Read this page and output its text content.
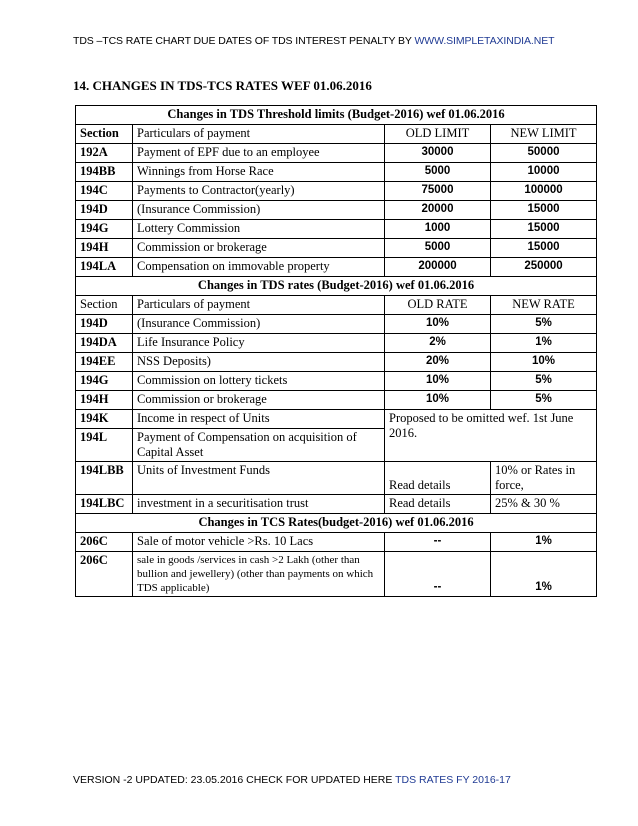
TDS –TCS RATE CHART DUE DATES OF TDS INTEREST PENALTY BY WWW.SIMPLETAXINDIA.NET
14. CHANGES IN TDS-TCS RATES WEF 01.06.2016
Changes in TDS Threshold limits (Budget-2016) wef 01.06.2016			
Section	Particulars of payment	OLD LIMIT	NEW LIMIT
192A	Payment of EPF due to an employee	30000	50000
194BB	Winnings from Horse Race	5000	10000
194C	Payments to Contractor(yearly)	75000	100000
194D	(Insurance Commission)	20000	15000
194G	Lottery Commission	1000	15000
194H	Commission or brokerage	5000	15000
194LA	Compensation on immovable property	200000	250000
Changes in TDS rates (Budget-2016) wef 01.06.2016			
Section	Particulars of payment	OLD RATE	NEW RATE
194D	(Insurance Commission)	10%	5%
194DA	Life Insurance Policy	2%	1%
194EE	NSS Deposits)	20%	10%
194G	Commission on lottery tickets	10%	5%
194H	Commission or brokerage	10%	5%
194K	Income in respect of Units	Proposed to be omitted wef. 1st June 2016.	
194L	Payment of Compensation on acquisition of Capital Asset		
194LBB	Units of Investment Funds	Read details	10% or Rates in force,
194LBC	investment in a securitisation trust	Read details	25% & 30 %
Changes in TCS Rates(budget-2016) wef 01.06.2016			
206C	Sale of motor vehicle >Rs. 10 Lacs	--	1%
206C	sale in goods /services in cash >2 Lakh (other than bullion and jewellery) (other than payments on which TDS applicable)	--	1%
VERSION -2 UPDATED: 23.05.2016 CHECK FOR UPDATED HERE TDS RATES FY 2016-17
